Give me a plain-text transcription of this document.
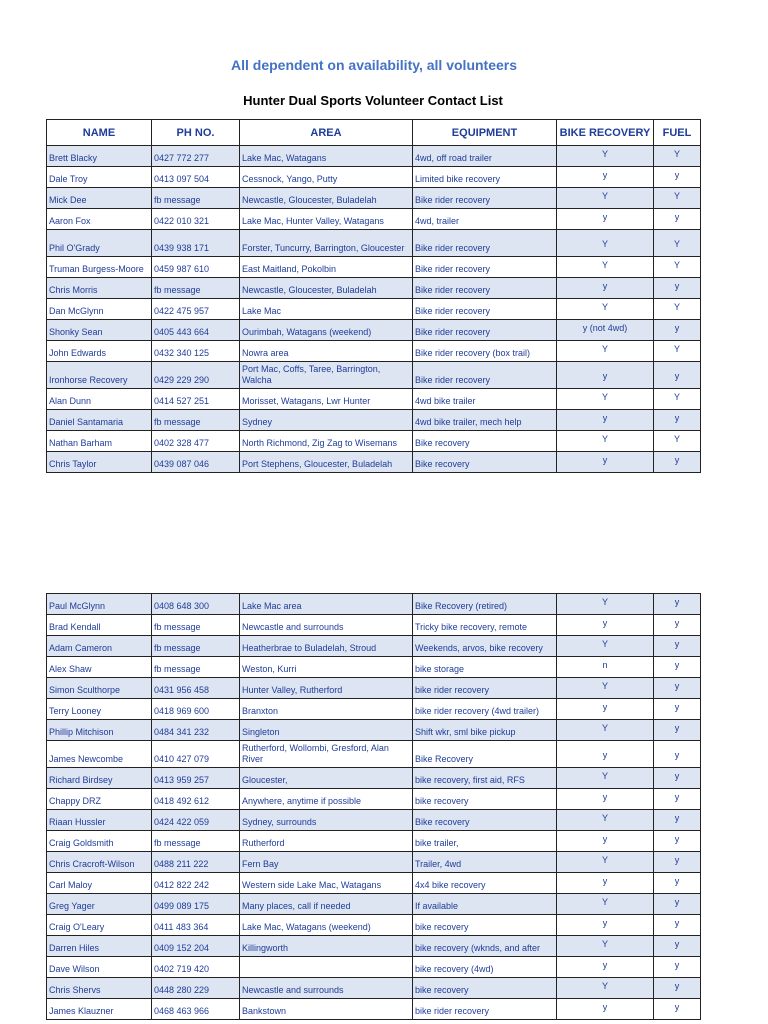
All dependent on availability, all volunteers
Hunter Dual Sports Volunteer Contact List
NAME	PH NO.	AREA	EQUIPMENT	BIKE RECOVERY	FUEL
Brett Blacky	0427 772 277	Lake Mac, Watagans	4wd, off road trailer	Y	Y
Dale Troy	0413 097 504	Cessnock, Yango, Putty	Limited bike recovery	y	y
Mick Dee	fb message	Newcastle, Gloucester, Buladelah	Bike rider recovery	Y	Y
Aaron Fox	0422 010 321	Lake Mac, Hunter Valley, Watagans	4wd, trailer	y	y
Phil O'Grady	0439 938 171	Forster, Tuncurry, Barrington, Gloucester	Bike rider recovery	Y	Y
Truman Burgess-Moore	0459 987 610	East Maitland, Pokolbin	Bike rider recovery	Y	Y
Chris Morris	fb message	Newcastle, Gloucester, Buladelah	Bike rider recovery	y	y
Dan McGlynn	0422 475 957	Lake Mac	Bike rider recovery	Y	Y
Shonky Sean	0405 443 664	Ourimbah, Watagans (weekend)	Bike rider recovery	y (not 4wd)	y
John Edwards	0432 340 125	Nowra area	Bike rider recovery (box trail)	Y	Y
Ironhorse Recovery	0429 229 290	Port Mac, Coffs, Taree, Barrington, Walcha	Bike rider recovery	y	y
Alan Dunn	0414 527 251	Morisset, Watagans, Lwr Hunter	4wd bike trailer	Y	Y
Daniel Santamaria	fb message	Sydney	4wd bike trailer, mech help	y	y
Nathan Barham	0402 328 477	North Richmond, Zig Zag to Wisemans	Bike recovery	Y	Y
Chris Taylor	0439 087 046	Port Stephens, Gloucester, Buladelah	Bike recovery	y	y
Paul McGlynn	0408 648 300	Lake Mac area	Bike Recovery (retired)	Y	y
Brad Kendall	fb message	Newcastle and surrounds	Tricky bike recovery, remote	y	y
Adam Cameron	fb message	Heatherbrae to Buladelah, Stroud	Weekends, arvos, bike recovery	Y	y
Alex Shaw	fb message	Weston, Kurri	bike storage	n	y
Simon Sculthorpe	0431 956 458	Hunter Valley, Rutherford	bike rider recovery	Y	y
Terry Looney	0418 969 600	Branxton	bike rider recovery (4wd trailer)	y	y
Phillip Mitchison	0484 341 232	Singleton	Shift wkr, sml bike pickup	Y	y
James Newcombe	0410 427 079	Rutherford, Wollombi, Gresford, Alan River	Bike Recovery	y	y
Richard Birdsey	0413 959 257	Gloucester,	bike recovery, first aid, RFS	Y	y
Chappy DRZ	0418 492 612	Anywhere, anytime if possible	bike recovery	y	y
Riaan Hussler	0424 422 059	Sydney, surrounds	Bike recovery	Y	y
Craig Goldsmith	fb message	Rutherford	bike trailer,	y	y
Chris Cracroft-Wilson	0488 211 222	Fern Bay	Trailer, 4wd	Y	y
Carl Maloy	0412 822 242	Western side Lake Mac, Watagans	4x4 bike recovery	y	y
Greg Yager	0499 089 175	Many places, call if needed	If available	Y	y
Craig O'Leary	0411 483 364	Lake Mac, Watagans (weekend)	bike recovery	y	y
Darren Hiles	0409 152 204	Killingworth	bike recovery (wknds, and after	Y	y
Dave Wilson	0402 719 420		bike recovery (4wd)	y	y
Chris Shervs	0448 280 229	Newcastle and surrounds	bike recovery	Y	y
James Klauzner	0468 463 966	Bankstown	bike rider recovery	y	y
